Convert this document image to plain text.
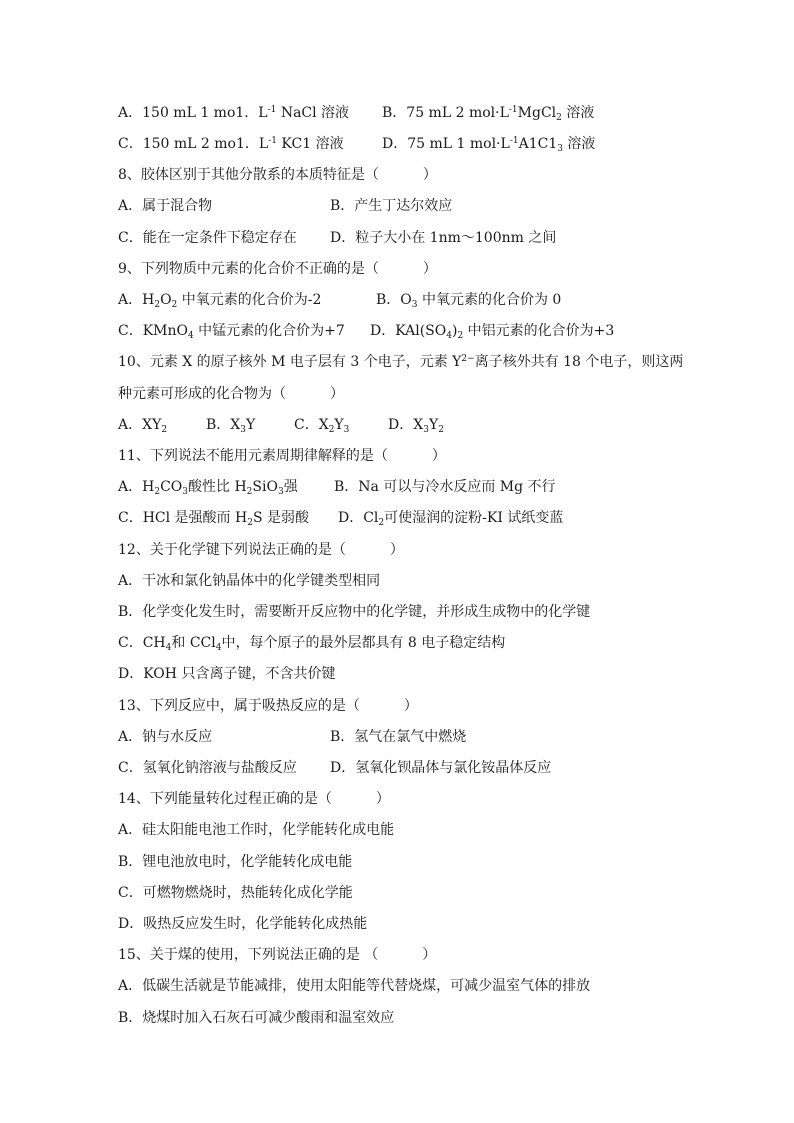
A．150 mL 1 mo1．$L^{-1}$ NaCl 溶液 B．75 mL 2 $mol\cdot L^{-1}MgCl_2$ 溶液
C．150 mL 2 mo1．$L^{-1}$ KC1 溶液	D．75 mL 1 $mol\cdot L^{-1}A1C1_3$ 溶液
8、胶体区别于其他分散系的本质特征是（	）
A．属于混合物	B．产生丁达尔效应
C．能在一定条件下稳定存在 D．粒子大小在 1nm～100nm 之间
9、下列物质中元素的化合价不正确的是（	）
A．$H_2O_2$ 中氧元素的化合价为-2	B．$O_3$ 中氧元素的化合价为 0
C．KMnO$_4$ 中锰元素的化合价为+7 D．$KAl(SO_4)_2$ 中铝元素的化合价为+3
10、元素 X 的原子核外 M 电子层有 3 个电子，元素 $Y^{2-}$离子核外共有 18 个电子，则这两
种元素可形成的化合物为（	）
A．$XY_2$	B．$X_3Y$	C．$X_2Y_3$	D．$X_3Y_2$
11、下列说法不能用元素周期律解释的是（	）
A．$H_2CO_3$酸性比 $H_2SiO_3$强	B．Na 可以与冷水反应而 Mg 不行
C．HCl 是强酸而 $H_2S$ 是弱酸 D．$Cl_2$可使湿润的淀粉-KI 试纸变蓝
12、关于化学键下列说法正确的是（	）
A．干冰和氯化钠晶体中的化学键类型相同
B．化学变化发生时，需要断开反应物中的化学键，并形成生成物中的化学键
C．$CH_4$和 CCl$_4$中，每个原子的最外层都具有 8 电子稳定结构
D．KOH 只含离子键，不含共价键
13、下列反应中，属于吸热反应的是（	）
A．钠与水反应	B．氢气在氯气中燃烧
C．氢氧化钠溶液与盐酸反应 D．氢氧化钡晶体与氯化铵晶体反应
14、下列能量转化过程正确的是（	）
A．硅太阳能电池工作时，化学能转化成电能
B．锂电池放电时，化学能转化成电能
C．可燃物燃烧时，热能转化成化学能
D．吸热反应发生时，化学能转化成热能
15、关于煤的使用，下列说法正确的是 （	）
A．低碳生活就是节能减排，使用太阳能等代替烧煤，可减少温室气体的排放
B．烧煤时加入石灰石可减少酸雨和温室效应
